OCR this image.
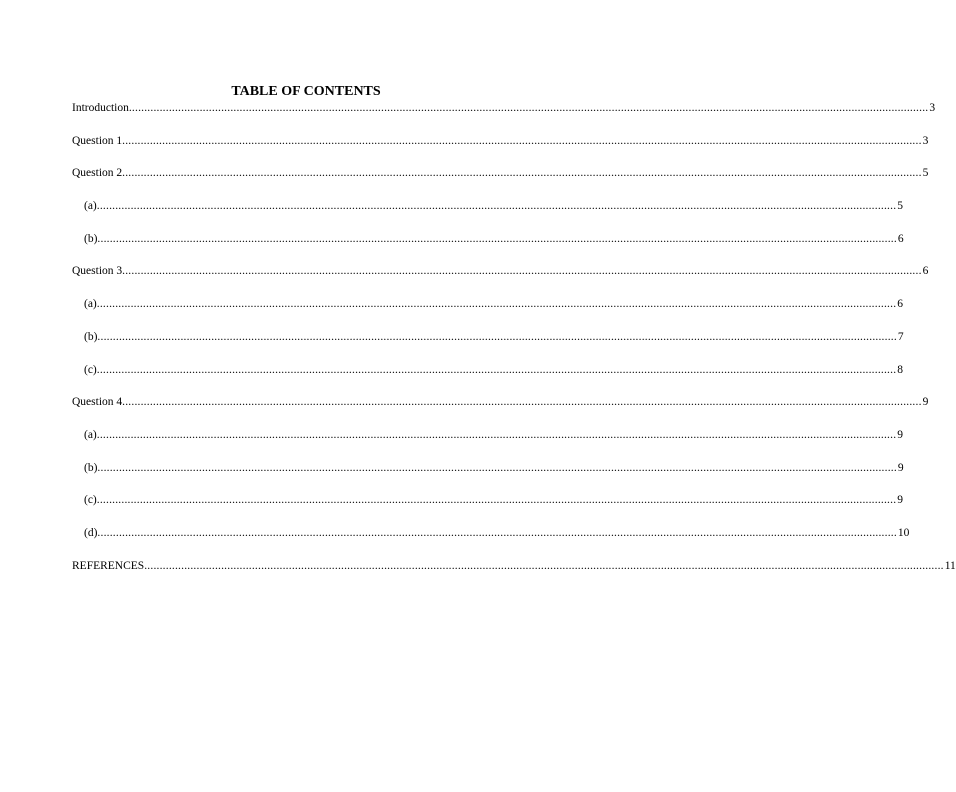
TABLE OF CONTENTS
Introduction .................................................................................................................................................................................................................................................................... 3
Question 1 .................................................................................................................................................................................................................................................................... 3
Question 2 .................................................................................................................................................................................................................................................................... 5
(a) .................................................................................................................................................................................................................................................................... 5
(b) .................................................................................................................................................................................................................................................................... 6
Question 3 .................................................................................................................................................................................................................................................................... 6
(a) .................................................................................................................................................................................................................................................................... 6
(b) .................................................................................................................................................................................................................................................................... 7
(c) .................................................................................................................................................................................................................................................................... 8
Question 4 .................................................................................................................................................................................................................................................................... 9
(a) .................................................................................................................................................................................................................................................................... 9
(b) .................................................................................................................................................................................................................................................................... 9
(c) .................................................................................................................................................................................................................................................................... 9
(d) .................................................................................................................................................................................................................................................................... 10
REFERENCES .................................................................................................................................................................................................................................................................... 11
